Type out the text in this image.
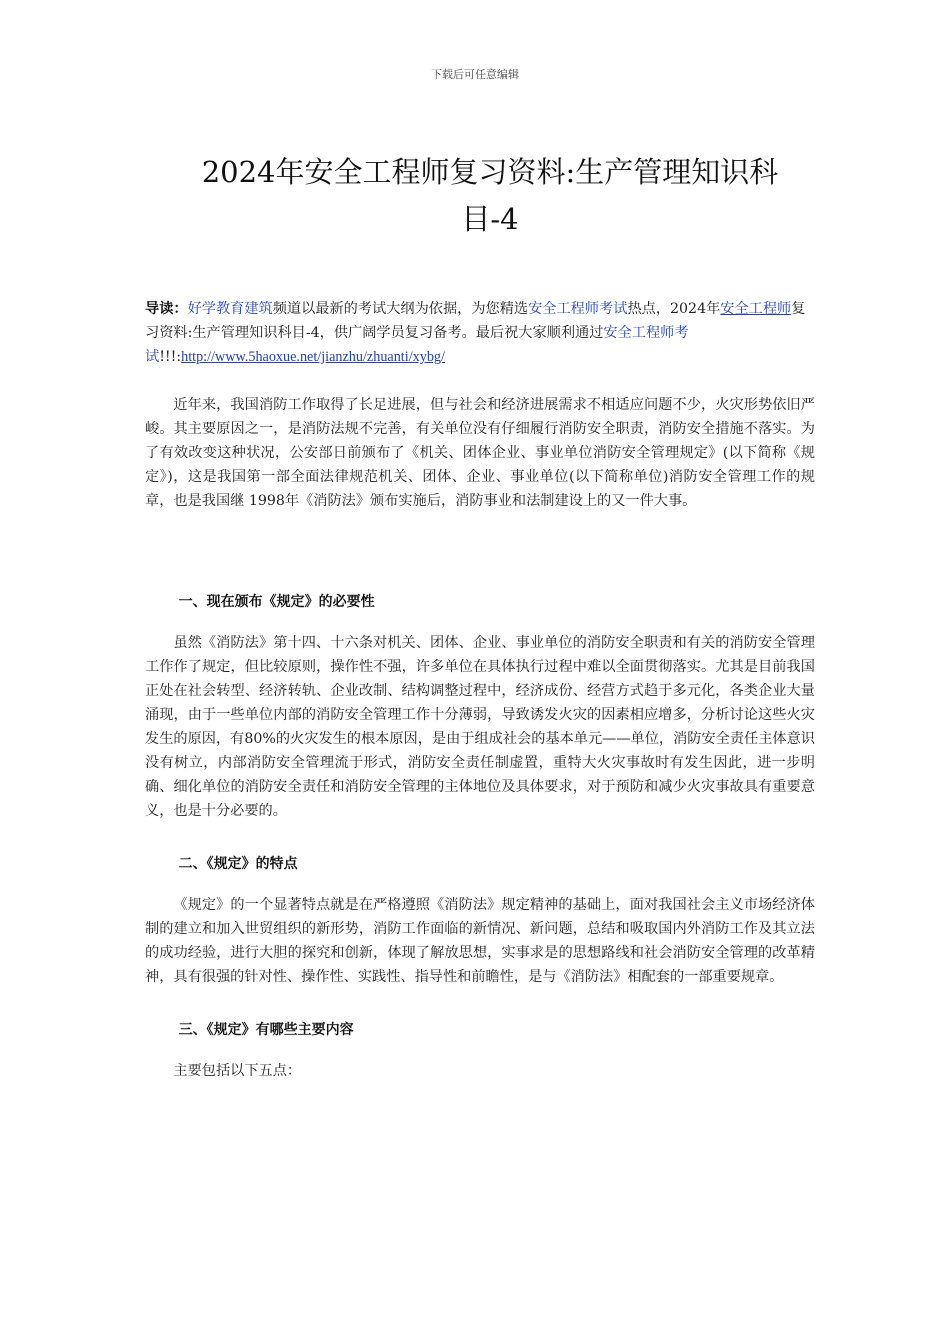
下载后可任意编辑
2024年安全工程师复习资料:生产管理知识科
目-4

导读：好学教育建筑频道以最新的考试大纲为依据，为您精选安全工程师考试热点，2024年安全工程师复习资料:生产管理知识科目-4，供广阔学员复习备考。最后祝大家顺利通过安全工程师考试!!!:http://www.5haoxue.net/jianzhu/zhuanti/xybg/

近年来，我国消防工作取得了长足进展，但与社会和经济进展需求不相适应问题不少，火灾形势依旧严峻。其主要原因之一，是消防法规不完善，有关单位没有仔细履行消防安全职责，消防安全措施不落实。为了有效改变这种状况，公安部日前颁布了《机关、团体企业、事业单位消防安全管理规定》(以下简称《规定》)，这是我国第一部全面法律规范机关、团体、企业、事业单位(以下简称单位)消防安全管理工作的规章，也是我国继 1998年《消防法》颁布实施后，消防事业和法制建设上的又一件大事。

一、现在颁布《规定》的必要性

虽然《消防法》第十四、十六条对机关、团体、企业、事业单位的消防安全职责和有关的消防安全管理工作作了规定，但比较原则，操作性不强，许多单位在具体执行过程中难以全面贯彻落实。尤其是目前我国正处在社会转型、经济转轨、企业改制、结构调整过程中，经济成份、经营方式趋于多元化，各类企业大量涌现，由于一些单位内部的消防安全管理工作十分薄弱，导致诱发火灾的因素相应增多，分析讨论这些火灾发生的原因，有80%的火灾发生的根本原因，是由于组成社会的基本单元——单位，消防安全责任主体意识没有树立，内部消防安全管理流于形式，消防安全责任制虚置，重特大火灾事故时有发生因此，进一步明确、细化单位的消防安全责任和消防安全管理的主体地位及具体要求，对于预防和减少火灾事故具有重要意义，也是十分必要的。

二、《规定》的特点

《规定》的一个显著特点就是在严格遵照《消防法》规定精神的基础上，面对我国社会主义市场经济体制的建立和加入世贸组织的新形势，消防工作面临的新情况、新问题，总结和吸取国内外消防工作及其立法的成功经验，进行大胆的探究和创新，体现了解放思想，实事求是的思想路线和社会消防安全管理的改革精神，具有很强的针对性、操作性、实践性、指导性和前瞻性，是与《消防法》相配套的一部重要规章。

三、《规定》有哪些主要内容

主要包括以下五点：
